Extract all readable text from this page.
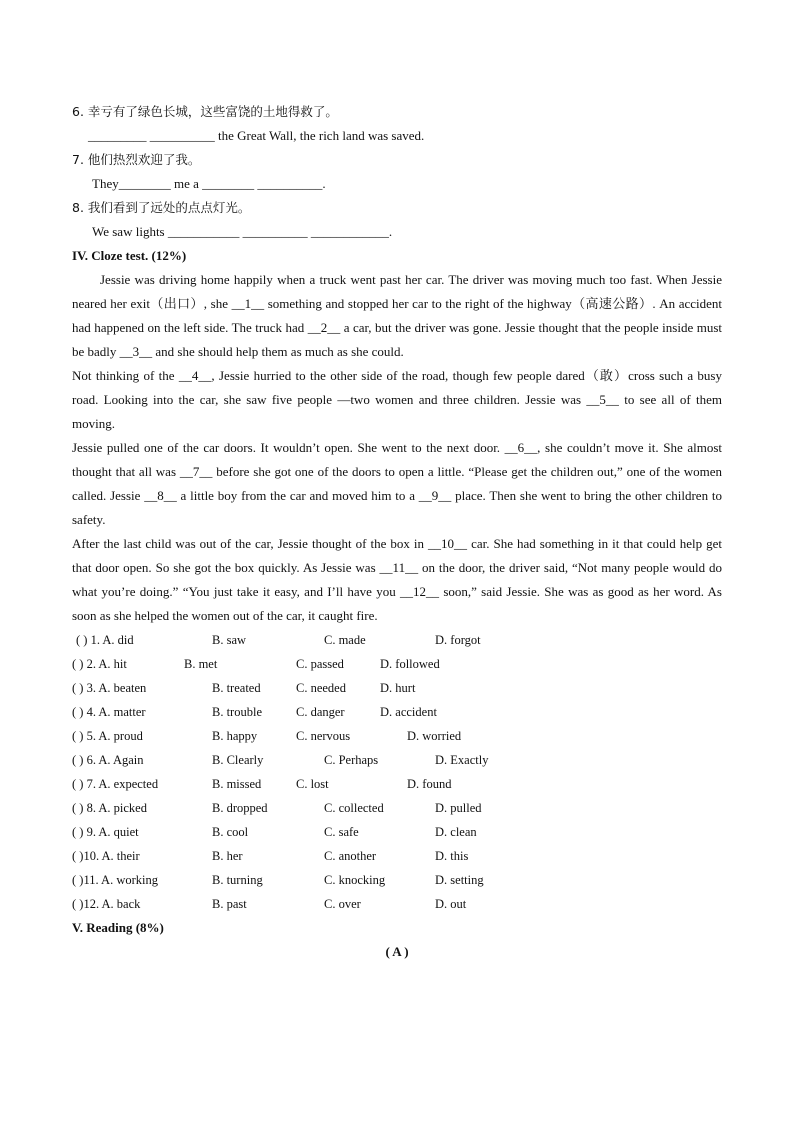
6. 幸亏有了绿色长城，这些富饶的土地得救了。
_________ __________ the Great Wall, the rich land was saved.
7. 他们热烈欢迎了我。
They________ me a ________ __________.
8. 我们看到了远处的点点灯光。
We saw lights ___________ __________ ____________.
IV. Cloze test. (12%)

Jessie was driving home happily when a truck went past her car. The driver was moving much too fast. When Jessie neared her exit（出口）, she __1__ something and stopped her car to the right of the highway（高速公路）. An accident had happened on the left side. The truck had __2__ a car, but the driver was gone. Jessie thought that the people inside must be badly __3__ and she should help them as much as she could.

Not thinking of the __4__, Jessie hurried to the other side of the road, though few people dared（敢）cross such a busy road. Looking into the car, she saw five people —two women and three children. Jessie was __5__ to see all of them moving.

Jessie pulled one of the car doors. It wouldn’t open. She went to the next door. __6__, she couldn’t move it. She almost thought that all was __7__ before she got one of the doors to open a little. “Please get the children out,” one of the women called. Jessie __8__ a little boy from the car and moved him to a __9__ place. Then she went to bring the other children to safety.

After the last child was out of the car, Jessie thought of the box in __10__ car. She had something in it that could help get that door open. So she got the box quickly. As Jessie was __11__ on the door, the driver said, “Not many people would do what you’re doing.” “You just take it easy, and I’ll have you __12__ soon,” said Jessie. She was as good as her word. As soon as she helped the women out of the car, it caught fire.

( ) 1. A. did	B. saw	C. made	D. forgot
( ) 2. A. hit	B. met	C. passed	D. followed
( ) 3. A. beaten	B. treated	C. needed	D. hurt
( ) 4. A. matter	B. trouble	C. danger	D. accident
( ) 5. A. proud	B. happy	C. nervous	D. worried
( ) 6. A. Again	B. Clearly	C. Perhaps	D. Exactly
( ) 7. A. expected	B. missed	C. lost	D. found
( ) 8. A. picked	B. dropped	C. collected	D. pulled
( ) 9. A. quiet	B. cool	C. safe	D. clean
( )10. A. their	B. her	C. another	D. this
( )11. A. working	B. turning	C. knocking	D. setting
( )12. A. back	B. past	C. over	D. out
V. Reading (8%)
( A )
